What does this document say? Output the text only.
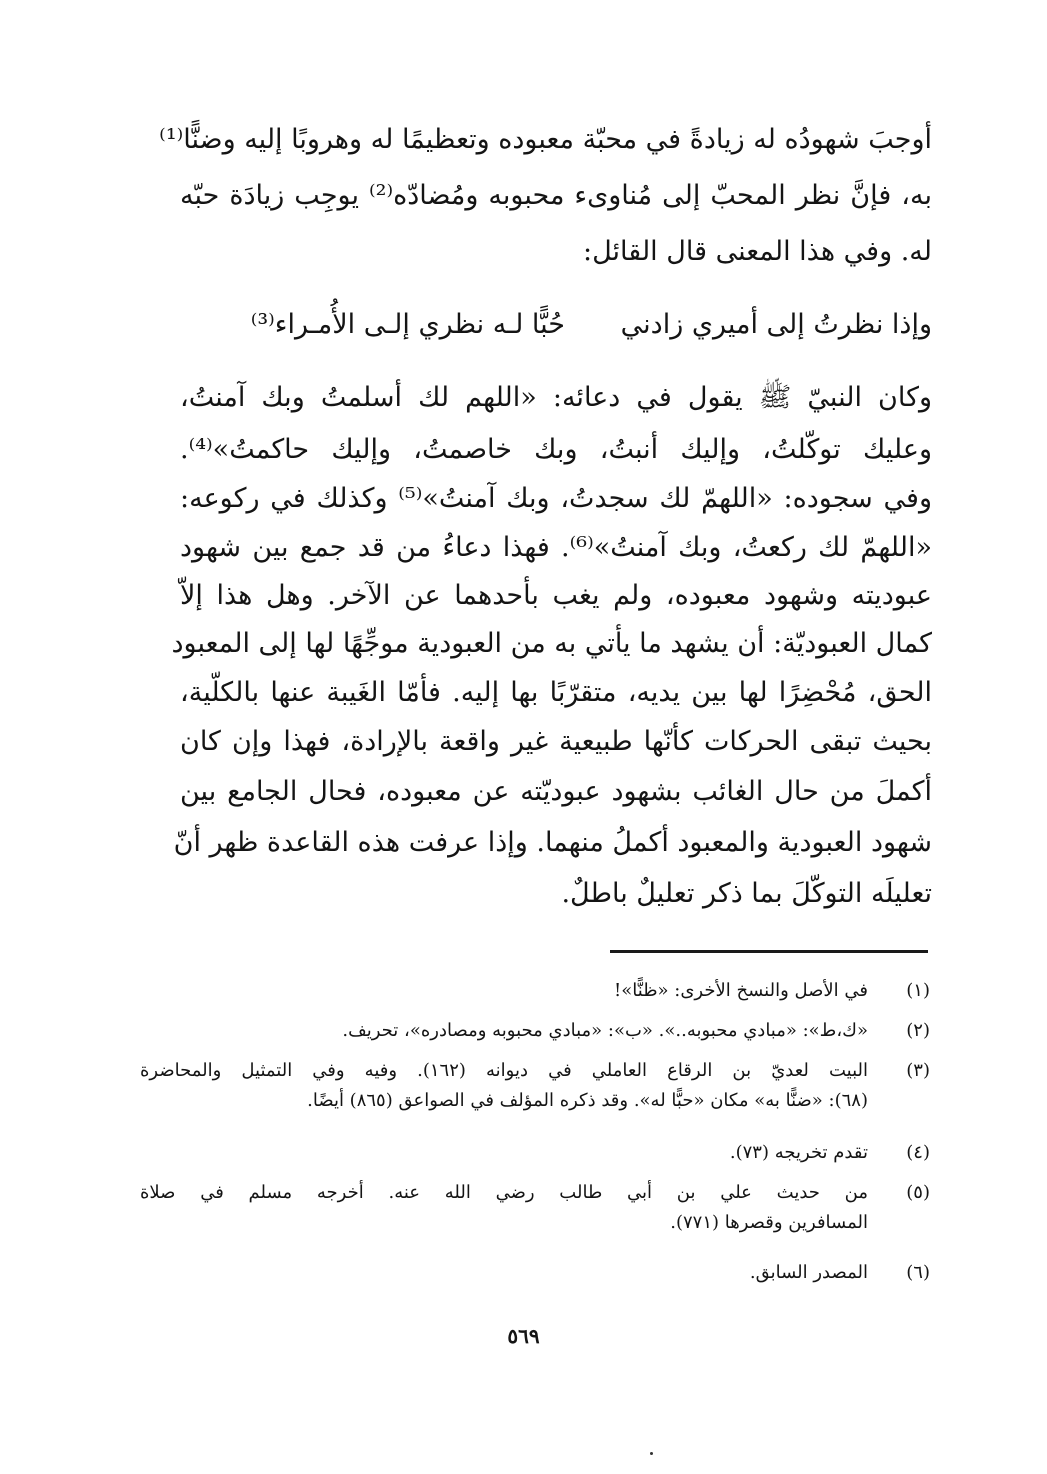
أوجبَ شهودُه له زيادةً في محبّة معبوده وتعظيمًا له وهروبًا إليه وضنًّا⁽¹⁾
به، فإنَّ نظر المحبّ إلى مُناوىء محبوبه ومُضادّه⁽²⁾ يوجِب زيادَة حبّه
له. وفي هذا المعنى قال القائل:
وإذا نظرتُ إلى أميري زادني
حُبًّا لـه نظري إلـى الأُمـراء⁽³⁾
وكان النبيّ ﷺ يقول في دعائه: «اللهم لك أسلمتُ وبك آمنتُ،
وعليك توكّلتُ، وإليك أنبتُ، وبك خاصمتُ، وإليك حاكمتُ»⁽⁴⁾.
وفي سجوده: «اللهمّ لك سجدتُ، وبك آمنتُ»⁽⁵⁾ وكذلك في ركوعه:
«اللهمّ لك ركعتُ، وبك آمنتُ»⁽⁶⁾. فهذا دعاءُ من قد جمع بين شهود
عبوديته وشهود معبوده، ولم يغب بأحدهما عن الآخر. وهل هذا إلاّ
كمال العبوديّة: أن يشهد ما يأتي به من العبودية موجِّهًا لها إلى المعبود
الحق، مُحْضِرًا لها بين يديه، متقرّبًا بها إليه. فأمّا الغَيبة عنها بالكلّية،
بحيث تبقى الحركات كأنّها طبيعية غير واقعة بالإرادة، فهذا وإن كان
أكملَ من حال الغائب بشهود عبوديّته عن معبوده، فحال الجامع بين
شهود العبودية والمعبود أكملُ منهما. وإذا عرفت هذه القاعدة ظهر أنّ
تعليلَه التوكّلَ بما ذكر تعليلٌ باطلٌ.
(١)
في الأصل والنسخ الأخرى: «ظنًّا»!
(٢)
«ك،ط»: «مبادي محبوبه..». «ب»: «مبادي محبوبه ومصادره»، تحريف.
(٣)
البيت لعديّ بن الرقاع العاملي في ديوانه (١٦٢). وفيه وفي التمثيل والمحاضرة
(٦٨): «ضنًّا به» مكان «حبًّا له». وقد ذكره المؤلف في الصواعق (٨٦٥) أيضًا.
(٤)
تقدم تخريجه (٧٣).
(٥)
من حديث علي بن أبي طالب رضي الله عنه. أخرجه مسلم في صلاة
المسافرين وقصرها (٧٧١).
(٦)
المصدر السابق.
٥٦٩
